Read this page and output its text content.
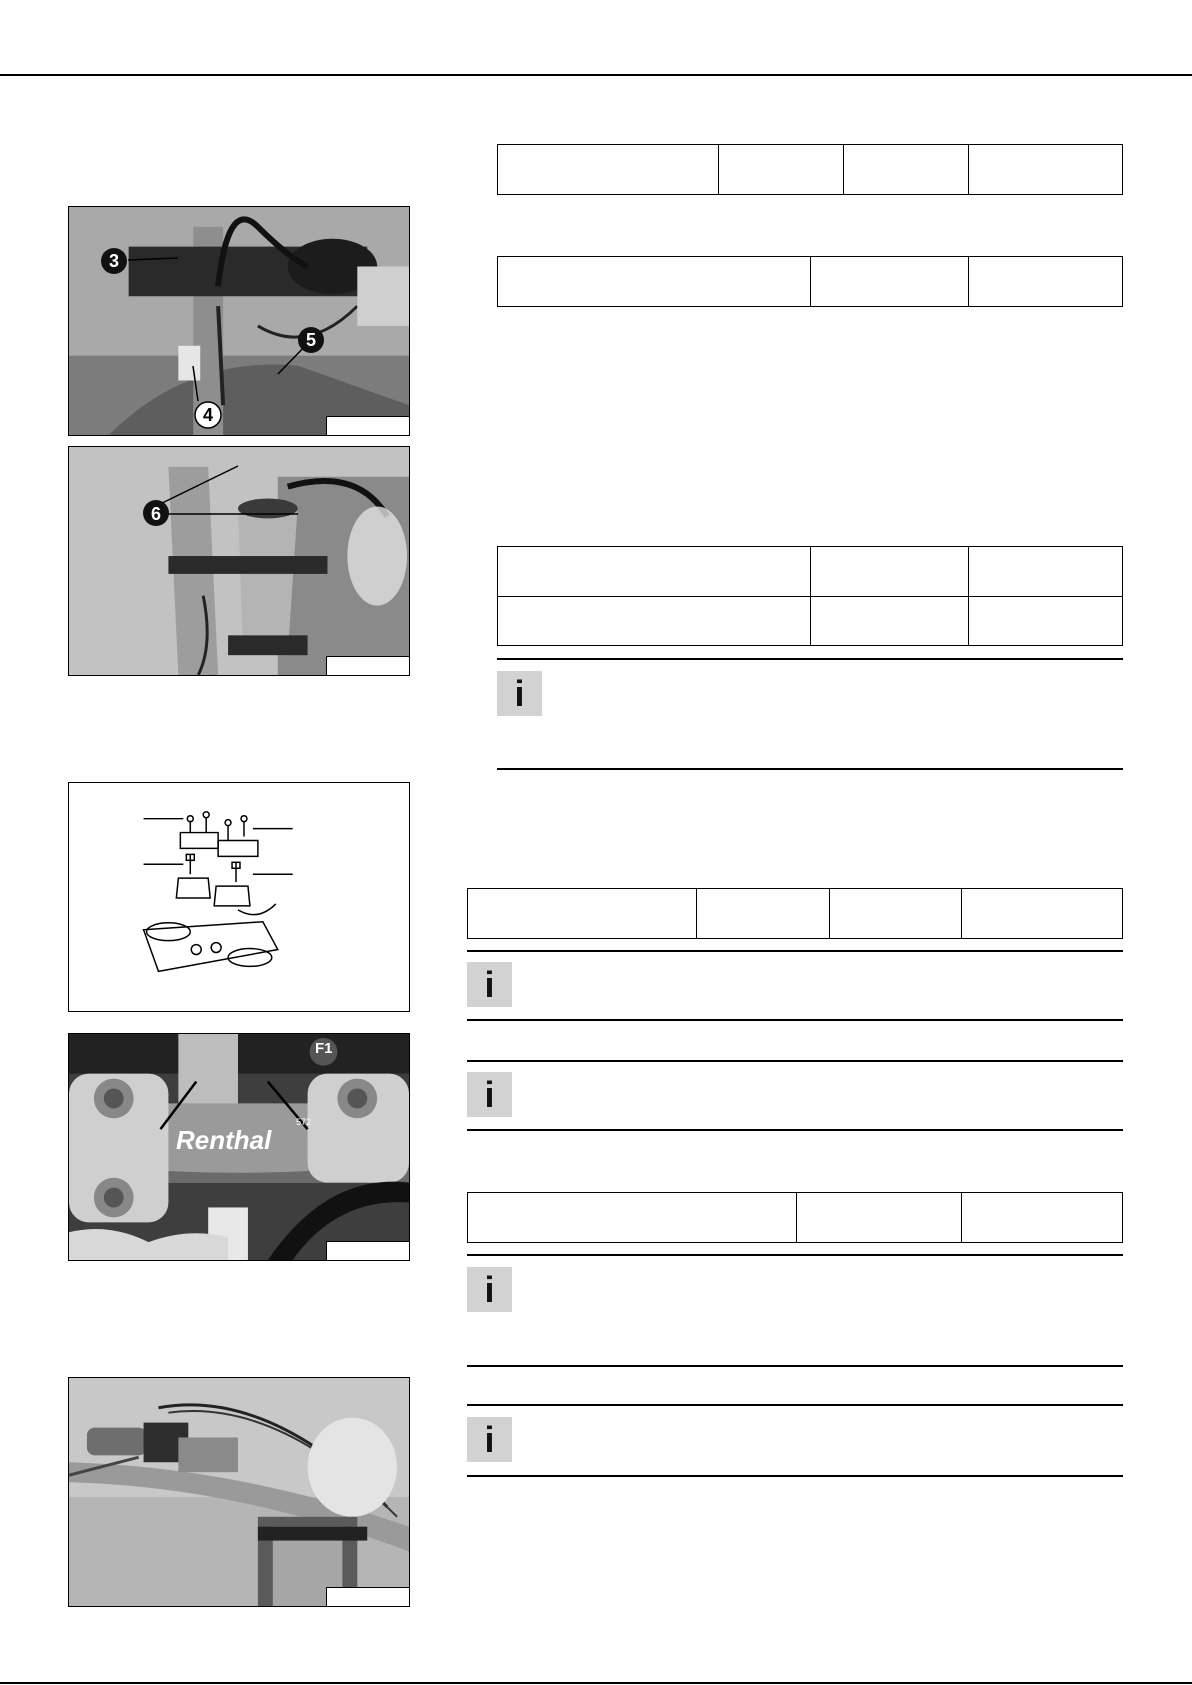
3
5
4
6
Renthal
F1
572

i

i
i

i
i
